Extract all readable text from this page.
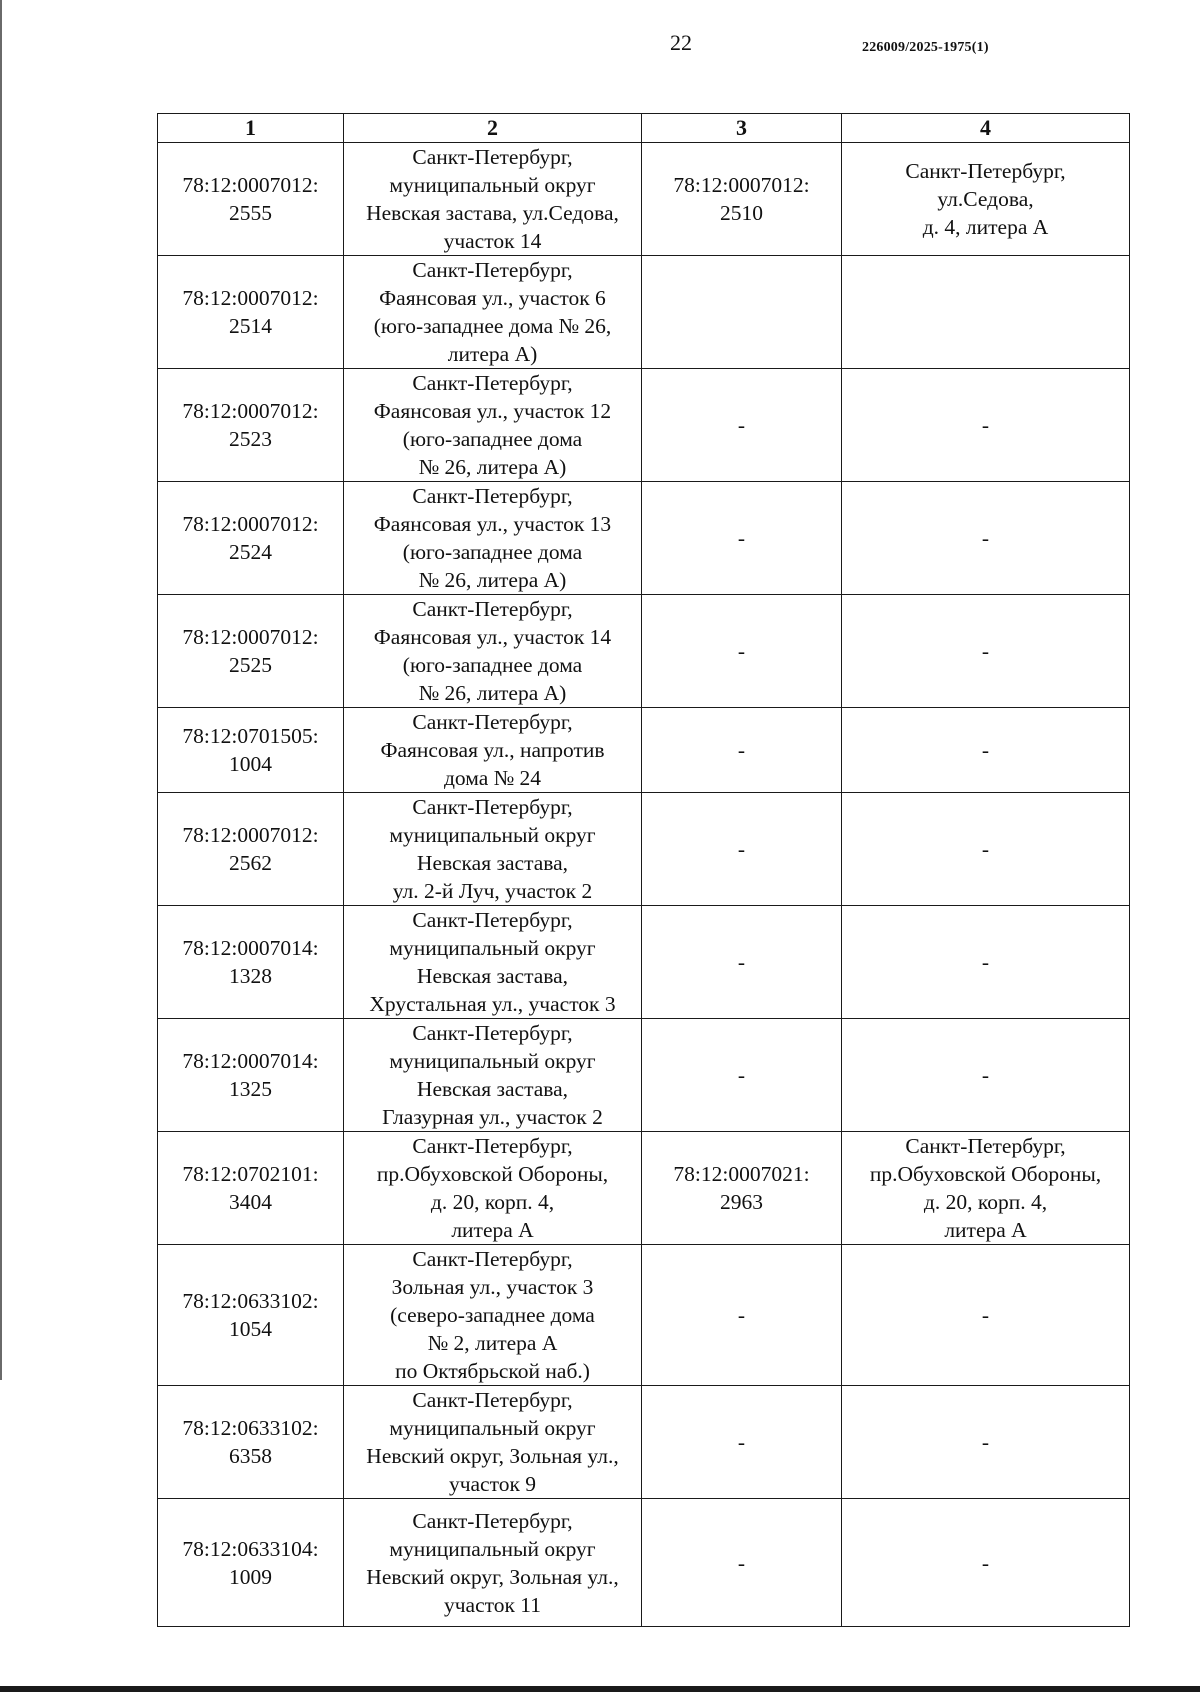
22	226009/2025-1975(1)
1	2	3	4

78:12:0007012:
2555	Санкт-Петербург,
муниципальный округ
Невская застава, ул.Седова,
участок 14	78:12:0007012:
2510	Санкт-Петербург,
ул.Седова,
д. 4, литера А

78:12:0007012:
2514	Санкт-Петербург,
Фаянсовая ул., участок 6
(юго-западнее дома № 26,
литера А)		

78:12:0007012:
2523	Санкт-Петербург,
Фаянсовая ул., участок 12
(юго-западнее дома
№ 26, литера А)	-	-

78:12:0007012:
2524	Санкт-Петербург,
Фаянсовая ул., участок 13
(юго-западнее дома
№ 26, литера А)	-	-

78:12:0007012:
2525	Санкт-Петербург,
Фаянсовая ул., участок 14
(юго-западнее дома
№ 26, литера А)	-	-

78:12:0701505:
1004	Санкт-Петербург,
Фаянсовая ул., напротив
дома № 24	-	-

78:12:0007012:
2562	Санкт-Петербург,
муниципальный округ
Невская застава,
ул. 2-й Луч, участок 2	-	-

78:12:0007014:
1328	Санкт-Петербург,
муниципальный округ
Невская застава,
Хрустальная ул., участок 3	-	-

78:12:0007014:
1325	Санкт-Петербург,
муниципальный округ
Невская застава,
Глазурная ул., участок 2	-	-

78:12:0702101:
3404	Санкт-Петербург,
пр.Обуховской Обороны,
д. 20, корп. 4,
литера А	78:12:0007021:
2963	Санкт-Петербург,
пр.Обуховской Обороны,
д. 20, корп. 4,
литера А

78:12:0633102:
1054	Санкт-Петербург,
Зольная ул., участок 3
(северо-западнее дома
№ 2, литера А
по Октябрьской наб.)	-	-

78:12:0633102:
6358	Санкт-Петербург,
муниципальный округ
Невский округ, Зольная ул.,
участок 9	-	-

78:12:0633104:
1009	Санкт-Петербург,
муниципальный округ
Невский округ, Зольная ул.,
участок 11	-	-
